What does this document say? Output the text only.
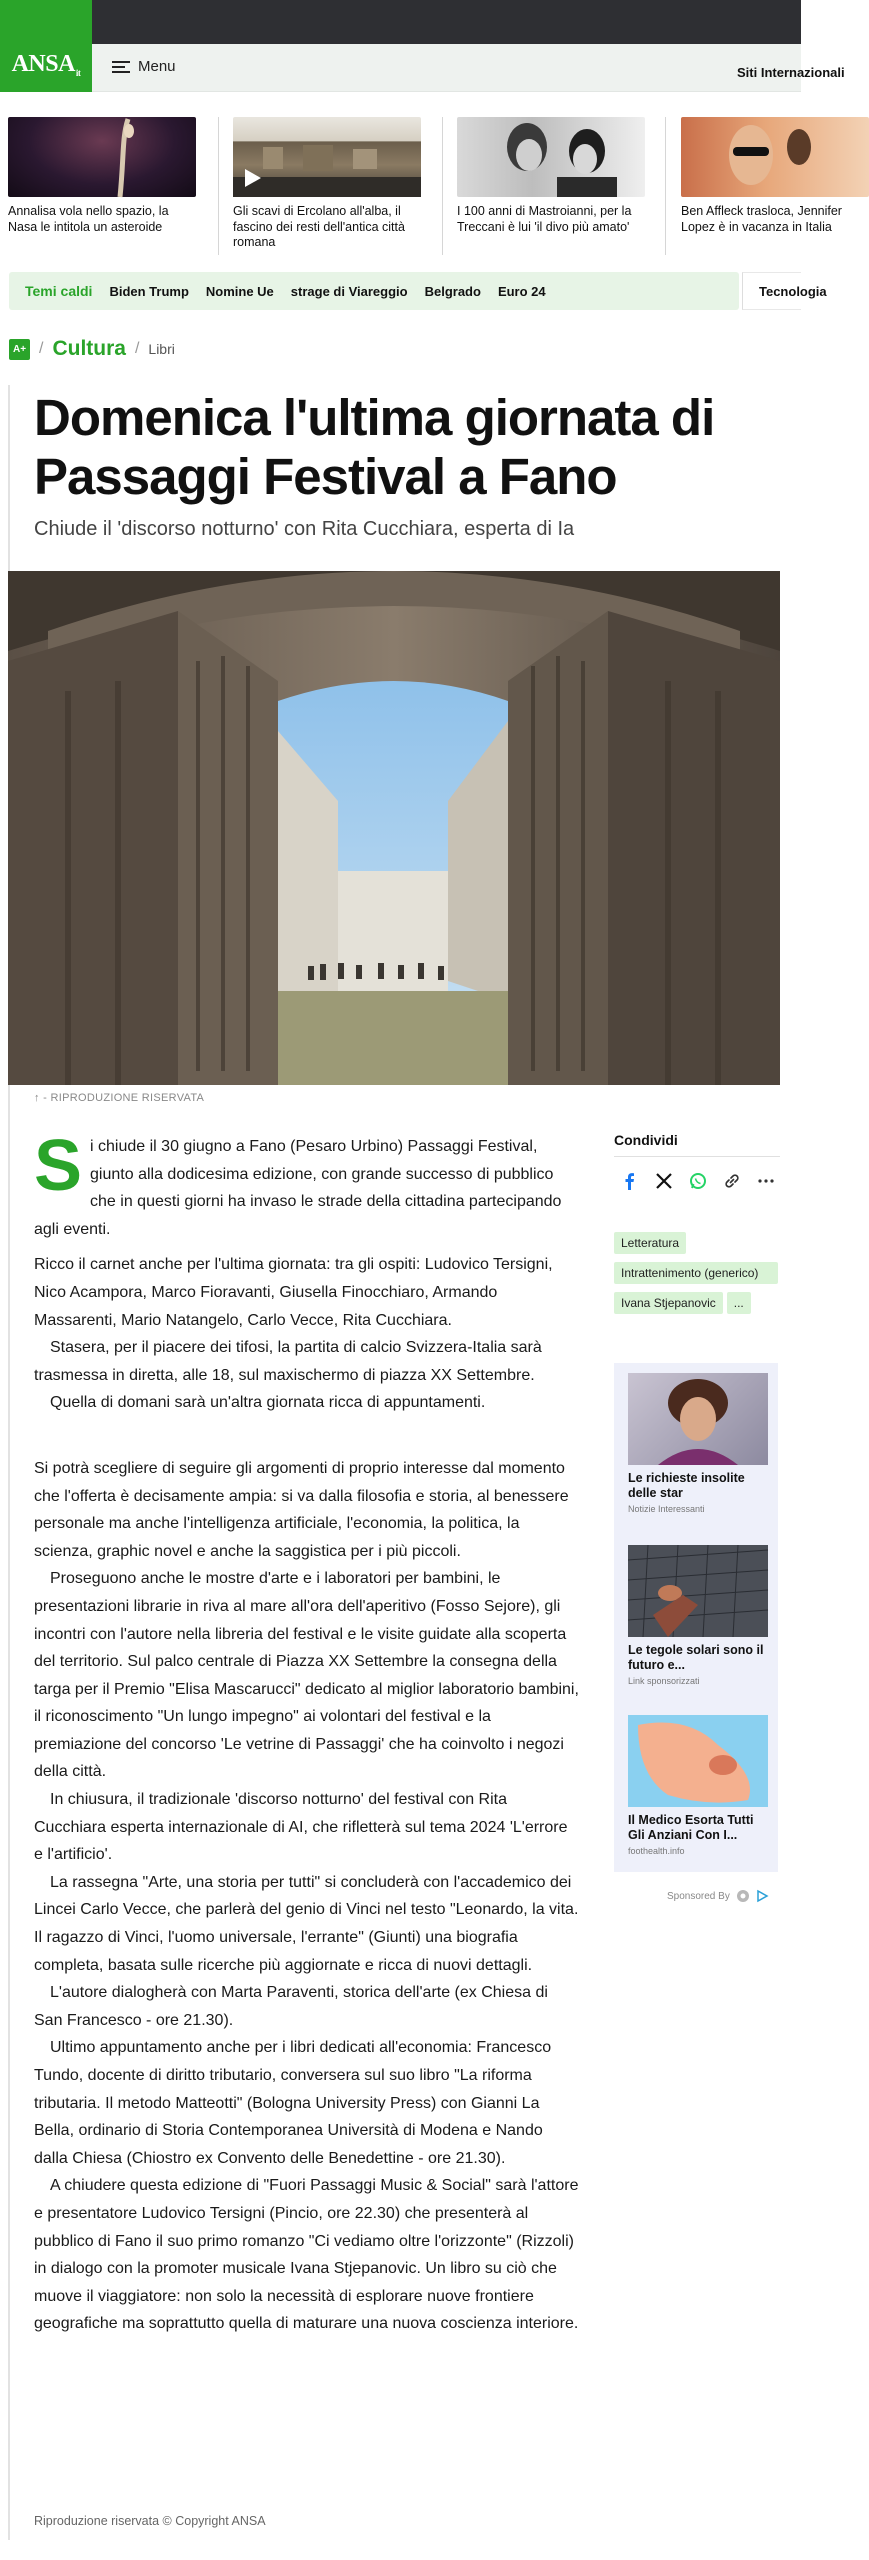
Menu	Siti Internazionali
$ANSA_{it}$
Annalisa vola nello spazio, la Nasa le intitola un asteroide
Gli scavi di Ercolano all'alba, il fascino dei resti dell'antica città romana
I 100 anni di Mastroianni, per la Treccani è lui 'il divo più amato'
Ben Affleck trasloca, Jennifer Lopez è in vacanza in Italia
Temi caldi Biden Trump Nomine Ue strage di Viareggio Belgrado Euro 24	Tecnologia
A+ / Cultura / Libri
Domenica l'ultima giornata di Passaggi Festival a Fano
Chiude il 'discorso notturno' con Rita Cucchiara, esperta di Ia
↑ - RIPRODUZIONE RISERVATA

Si chiude il 30 giugno a Fano (Pesaro Urbino) Passaggi Festival, giunto alla dodicesima edizione, con grande successo di pubblico che in questi giorni ha invaso le strade della cittadina partecipando agli eventi.

Ricco il carnet anche per l'ultima giornata: tra gli ospiti: Ludovico Tersigni, Nico Acampora, Marco Fioravanti, Giusella Finocchiaro, Armando Massarenti, Mario Natangelo, Carlo Vecce, Rita Cucchiara.

Stasera, per il piacere dei tifosi, la partita di calcio Svizzera-Italia sarà trasmessa in diretta, alle 18, sul maxischermo di piazza XX Settembre.

Quella di domani sarà un'altra giornata ricca di appuntamenti.

Si potrà scegliere di seguire gli argomenti di proprio interesse dal momento che l'offerta è decisamente ampia: si va dalla filosofia e storia, al benessere personale ma anche l'intelligenza artificiale, l'economia, la politica, la scienza, graphic novel e anche la saggistica per i più piccoli.

Proseguono anche le mostre d'arte e i laboratori per bambini, le presentazioni librarie in riva al mare all'ora dell'aperitivo (Fosso Sejore), gli incontri con l'autore nella libreria del festival e le visite guidate alla scoperta del territorio. Sul palco centrale di Piazza XX Settembre la consegna della targa per il Premio "Elisa Mascarucci" dedicato al miglior laboratorio bambini, il riconoscimento "Un lungo impegno" ai volontari del festival e la premiazione del concorso 'Le vetrine di Passaggi' che ha coinvolto i negozi della città.

In chiusura, il tradizionale 'discorso notturno' del festival con Rita Cucchiara esperta internazionale di AI, che rifletterà sul tema 2024 'L'errore e l'artificio'.

La rassegna "Arte, una storia per tutti" si concluderà con l'accademico dei Lincei Carlo Vecce, che parlerà del genio di Vinci nel testo "Leonardo, la vita. Il ragazzo di Vinci, l'uomo universale, l'errante" (Giunti) una biografia completa, basata sulle ricerche più aggiornate e ricca di nuovi dettagli.

L'autore dialogherà con Marta Paraventi, storica dell'arte (ex Chiesa di San Francesco - ore 21.30).

Ultimo appuntamento anche per i libri dedicati all'economia: Francesco Tundo, docente di diritto tributario, conversera sul suo libro "La riforma tributaria. Il metodo Matteotti" (Bologna University Press) con Gianni La Bella, ordinario di Storia Contemporanea Università di Modena e Nando dalla Chiesa (Chiostro ex Convento delle Benedettine - ore 21.30).

A chiudere questa edizione di "Fuori Passaggi Music & Social" sarà l'attore e presentatore Ludovico Tersigni (Pincio, ore 22.30) che presenterà al pubblico di Fano il suo primo romanzo "Ci vediamo oltre l'orizzonte" (Rizzoli) in dialogo con la promoter musicale Ivana Stjepanovic. Un libro su ciò che muove il viaggiatore: non solo la necessità di esplorare nuove frontiere geografiche ma soprattutto quella di maturare una nuova coscienza interiore.

Riproduzione riservata © Copyright ANSA
Condividi
Letteratura
Intrattenimento (generico)
Ivana Stjepanovic ...
Le richieste insolite delle star
Notizie Interessanti
Le tegole solari sono il futuro e...
Link sponsorizzati
Il Medico Esorta Tutti Gli Anziani Con I...
foothealth.info
Sponsored By
